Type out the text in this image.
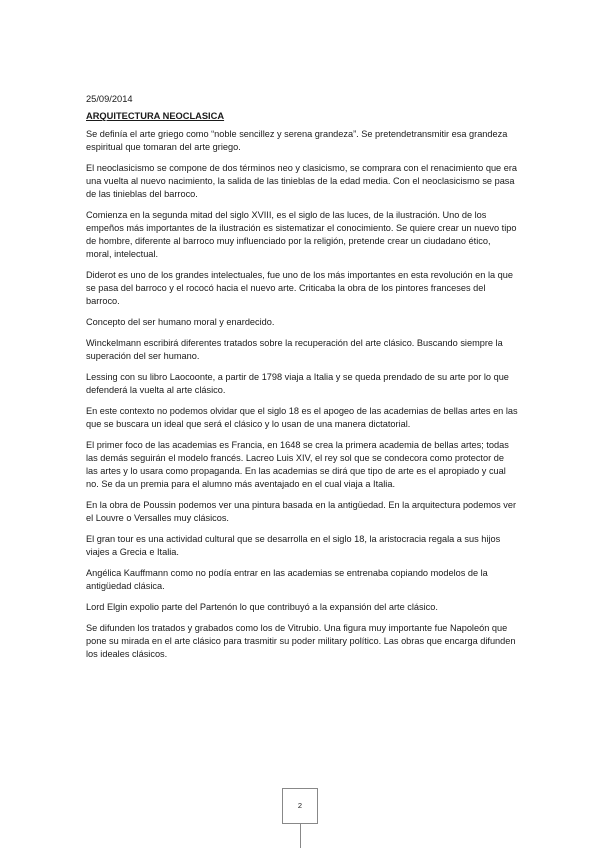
25/09/2014
ARQUITECTURA NEOCLASICA
Se definía el arte griego como “noble sencillez y serena grandeza”. Se pretendetransmitir esa grandeza espiritual que tomaran del arte griego.
El neoclasicismo se compone de dos términos neo y clasicismo, se comprara con el renacimiento que era una vuelta al nuevo nacimiento, la salida de las tinieblas de la edad media. Con el neoclasicismo se pasa de las tinieblas del barroco.
Comienza en la segunda mitad del siglo XVIII, es el siglo de las luces, de la ilustración. Uno de los empeños más importantes de la ilustración es sistematizar el conocimiento. Se quiere crear un nuevo tipo de hombre, diferente al barroco muy influenciado por la religión, pretende crear un ciudadano ético, moral, intelectual.
Diderot es uno de los grandes intelectuales, fue uno de los más importantes en esta revolución en la que se pasa del barroco y el rococó hacia el nuevo arte. Criticaba la obra de los pintores franceses del barroco.
Concepto del ser humano moral y enardecido.
Winckelmann escribirá diferentes tratados sobre la recuperación del arte clásico. Buscando siempre la superación del ser humano.
Lessing con su libro Laocoonte, a partir de 1798 viaja a Italia y se queda prendado de su arte por lo que defenderá la vuelta al arte clásico.
En este contexto no podemos olvidar que el siglo 18 es el apogeo de las academias de bellas artes en las que se buscara un ideal que será el clásico y lo usan de una manera dictatorial.
El primer foco de las academias es Francia, en 1648 se crea la primera academia de bellas artes; todas las demás seguirán el modelo francés. Lacreo Luis XIV, el rey sol que se condecora como protector de las artes y lo usara como propaganda. En las academias se dirá que tipo de arte es el apropiado y cual no. Se da un premia para el alumno más aventajado en el cual viaja a Italia.
En la obra de Poussin podemos ver una pintura basada en la antigüedad. En la arquitectura podemos ver el Louvre o Versalles muy clásicos.
El gran tour es una actividad cultural que se desarrolla en el siglo 18, la aristocracia regala a sus hijos viajes a Grecia e Italia.
Angélica Kauffmann como no podía entrar en las academias se entrenaba copiando modelos de la antigüedad clásica.
Lord Elgin expolio parte del Partenón lo que contribuyó a la expansión del arte clásico.
Se difunden los tratados y grabados como los de Vitrubio. Una figura muy importante fue Napoleón que pone su mirada en el arte clásico para trasmitir su poder military político. Las obras que encarga difunden los ideales clásicos.
2
